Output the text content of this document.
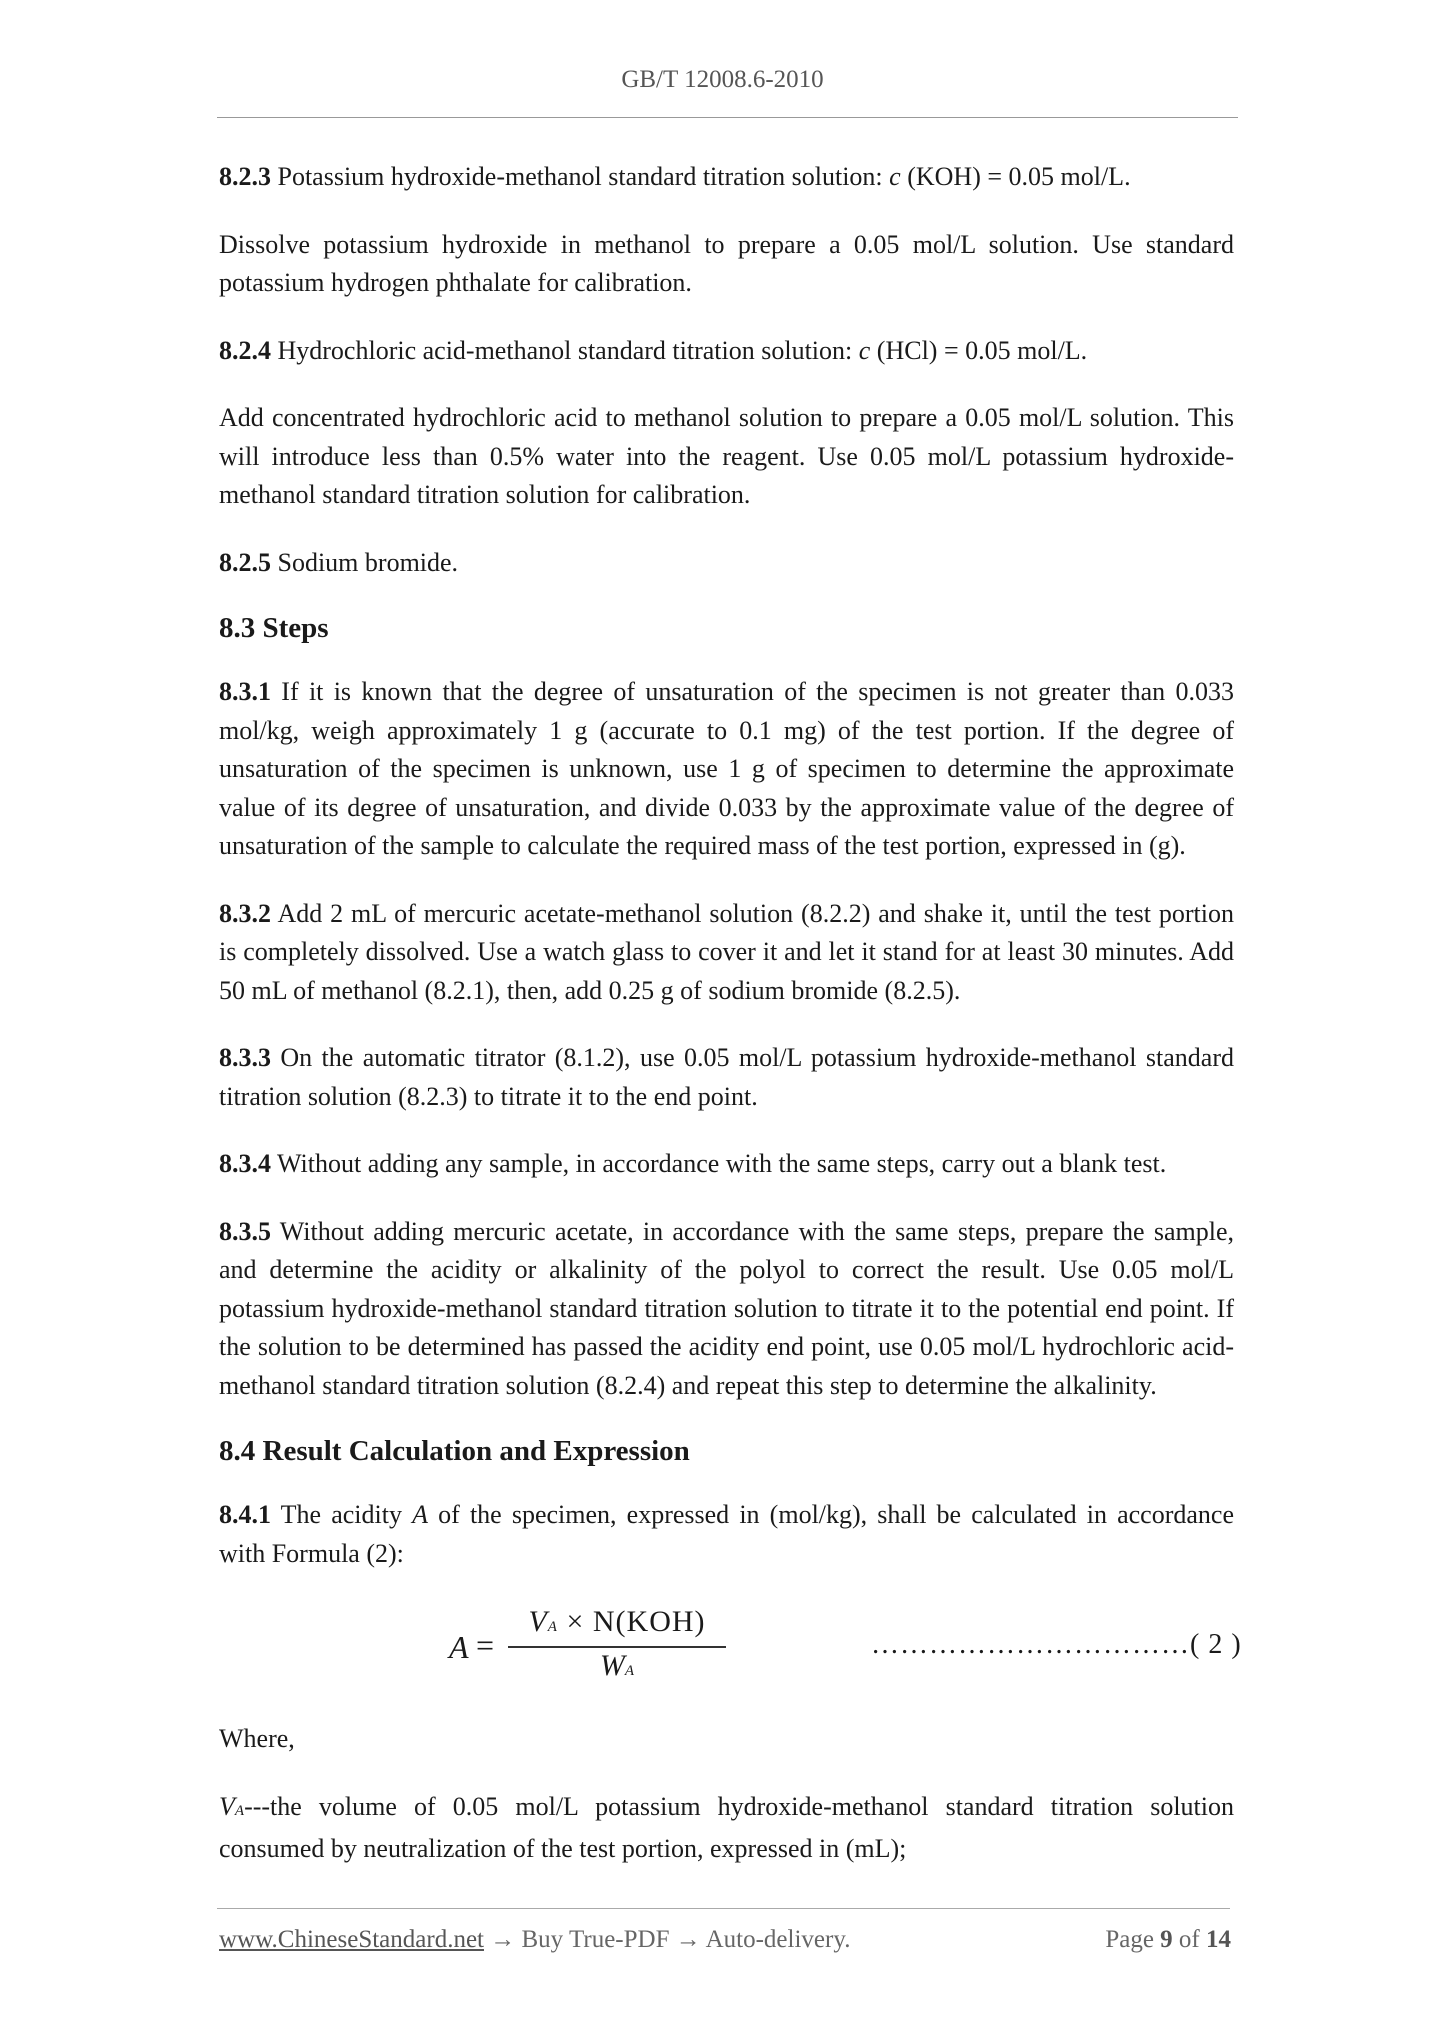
GB/T 12008.6-2010

8.2.3 Potassium hydroxide-methanol standard titration solution: c (KOH) = 0.05 mol/L.

Dissolve potassium hydroxide in methanol to prepare a 0.05 mol/L solution. Use standard potassium hydrogen phthalate for calibration.

8.2.4 Hydrochloric acid-methanol standard titration solution: c (HCl) = 0.05 mol/L.

Add concentrated hydrochloric acid to methanol solution to prepare a 0.05 mol/L solution. This will introduce less than 0.5% water into the reagent. Use 0.05 mol/L potassium hydroxide-methanol standard titration solution for calibration.

8.2.5 Sodium bromide.

8.3 Steps

8.3.1 If it is known that the degree of unsaturation of the specimen is not greater than 0.033 mol/kg, weigh approximately 1 g (accurate to 0.1 mg) of the test portion. If the degree of unsaturation of the specimen is unknown, use 1 g of specimen to determine the approximate value of its degree of unsaturation, and divide 0.033 by the approximate value of the degree of unsaturation of the sample to calculate the required mass of the test portion, expressed in (g).

8.3.2 Add 2 mL of mercuric acetate-methanol solution (8.2.2) and shake it, until the test portion is completely dissolved. Use a watch glass to cover it and let it stand for at least 30 minutes. Add 50 mL of methanol (8.2.1), then, add 0.25 g of sodium bromide (8.2.5).

8.3.3 On the automatic titrator (8.1.2), use 0.05 mol/L potassium hydroxide-methanol standard titration solution (8.2.3) to titrate it to the end point.

8.3.4 Without adding any sample, in accordance with the same steps, carry out a blank test.

8.3.5 Without adding mercuric acetate, in accordance with the same steps, prepare the sample, and determine the acidity or alkalinity of the polyol to correct the result. Use 0.05 mol/L potassium hydroxide-methanol standard titration solution to titrate it to the potential end point. If the solution to be determined has passed the acidity end point, use 0.05 mol/L hydrochloric acid-methanol standard titration solution (8.2.4) and repeat this step to determine the alkalinity.

8.4 Result Calculation and Expression

8.4.1 The acidity A of the specimen, expressed in (mol/kg), shall be calculated in accordance with Formula (2):

A =
VA × N(KOH)
WA
……………………………( 2 )

Where,

VA---the volume of 0.05 mol/L potassium hydroxide-methanol standard titration solution consumed by neutralization of the test portion, expressed in (mL);

www.ChineseStandard.net → Buy True-PDF → Auto-delivery.	Page 9 of 14
